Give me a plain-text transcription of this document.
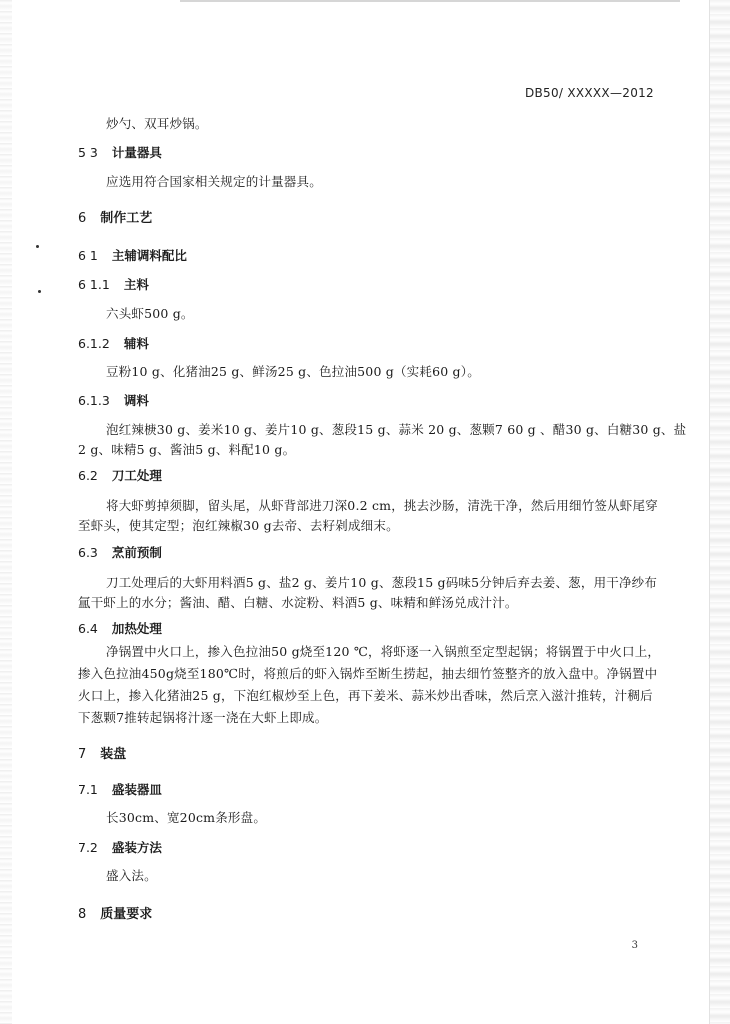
DB50/ XXXXX—2012
炒勺、双耳炒锅。
5 3 计量器具
应选用符合国家相关规定的计量器具。
6 制作工艺
6 1 主辅调料配比
6 1.1 主料
六头虾500 g。
6.1.2 辅料
豆粉10 g、化猪油25 g、鲜汤25 g、色拉油500 g（实耗60 g）。
6.1.3 调料
泡红辣椩30 g、姜米10 g、姜片10 g、葱段15 g、蒜米 20 g、葱颗7 60 g 、醋30 g、白糖30 g、盐
2 g、味精5 g、酱油5 g、料配10 g。
6.2 刀工处理
将大虾剪掉须脚，留头尾，从虾背部进刀深0.2 cm，挑去沙肠，清洗干净，然后用细竹签从虾尾穿
至虾头，使其定型；泡红辣椒30 g去帝、去籽剁成细末。
6.3 烹前预制
刀工处理后的大虾用料酒5 g、盐2 g、姜片10 g、葱段15 g码味5分钟后弃去姜、葱，用干净纱布
氲干虾上的水分；酱油、醋、白糖、水淀粉、料酒5 g、味精和鲜汤兑成汁汁。
6.4 加热处理
净锅置中火口上，掺入色拉油50 g烧至120 ℃，将虾逐一入锅煎至定型起锅；将锅置于中火口上，
掺入色拉油450g烧至180℃时，将煎后的虾入锅炸至断生捞起，抽去细竹签整齐的放入盘中。净锅置中
火口上，掺入化猪油25 g，下泡红椒炒至上色，再下姜米、蒜米炒出香味，然后烹入滋汁推转，汁稠后
下葱颗7推转起锅将汁逐一浇在大虾上即成。
7 装盘
7.1 盛装器皿
长30cm、宽20cm条形盘。
7.2 盛装方法
盛入法。
8 质量要求
3
